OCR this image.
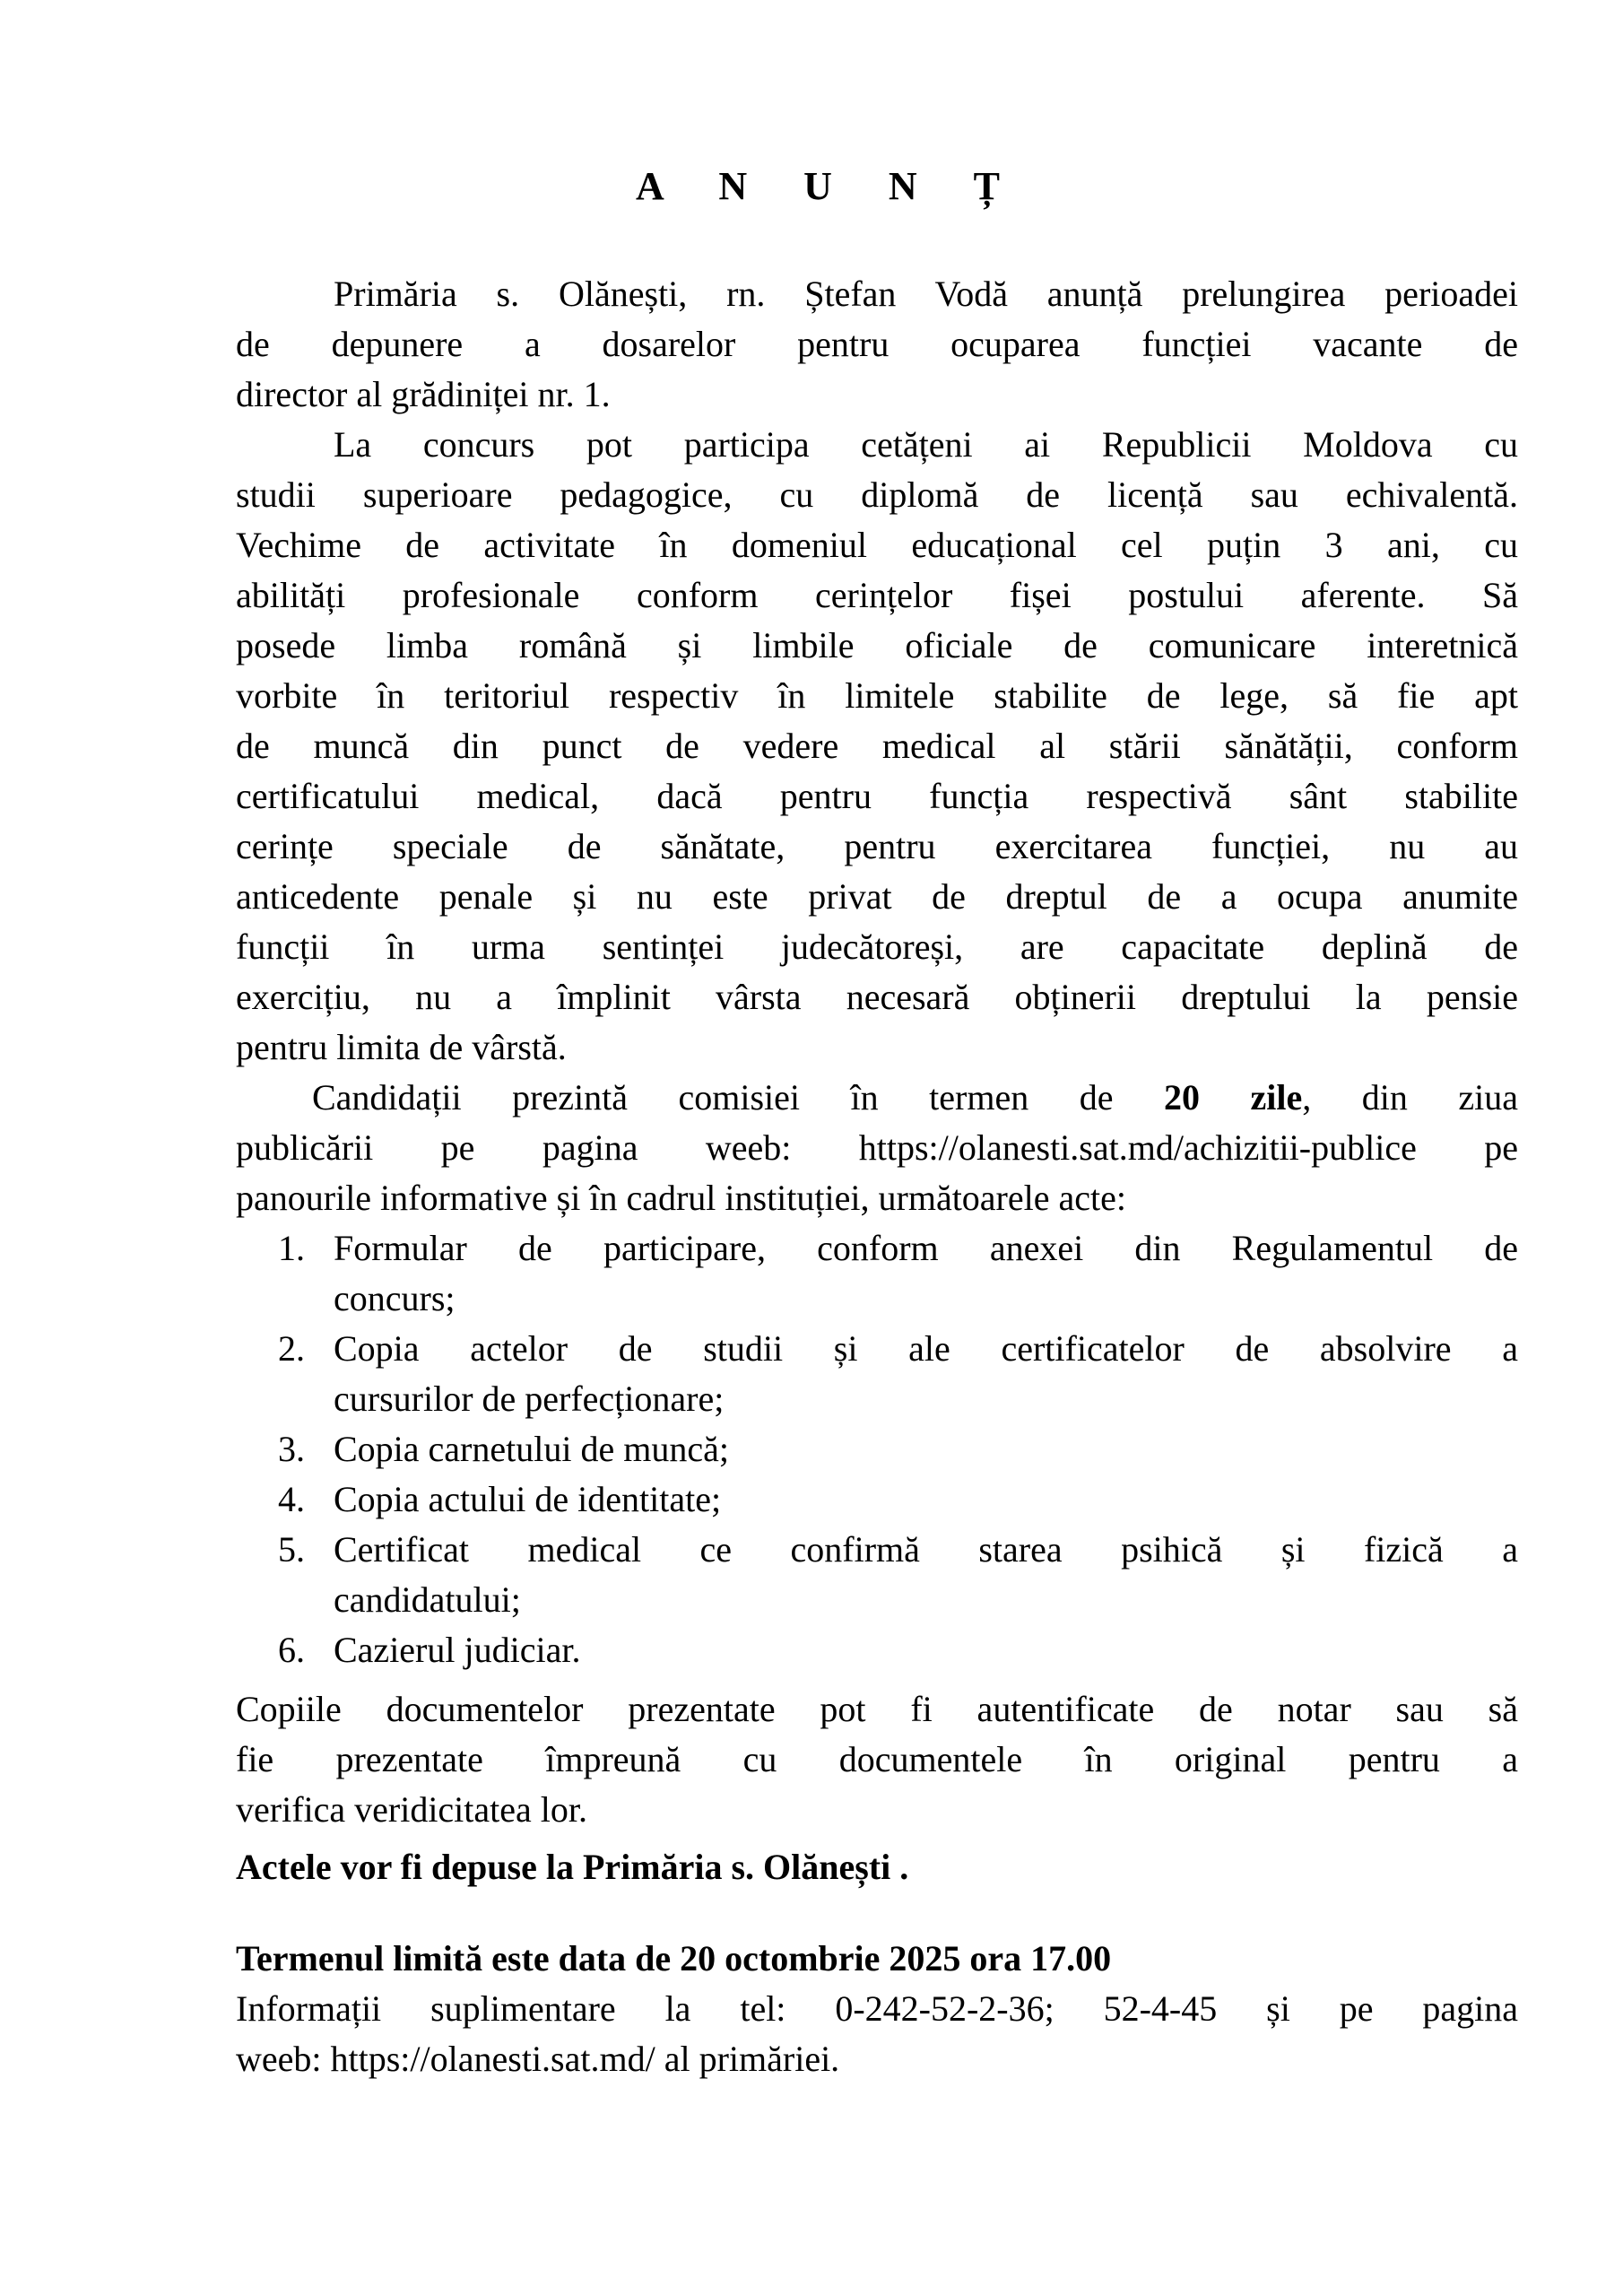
A N U N Ț
Primăria s. Olănești, rn. Ștefan Vodă anunță prelungirea perioadei
de depunere a dosarelor pentru ocuparea funcției vacante de
director al grădiniței nr. 1.
La concurs pot participa cetățeni ai Republicii Moldova cu
studii superioare pedagogice, cu diplomă de licență sau echivalentă.
Vechime de activitate în domeniul educațional cel puțin 3 ani, cu
abilități profesionale conform cerințelor fișei postului aferente. Să
posede limba română și limbile oficiale de comunicare interetnică
vorbite în teritoriul respectiv în limitele stabilite de lege, să fie apt
de muncă din punct de vedere medical al stării sănătății, conform
certificatului medical, dacă pentru funcția respectivă sânt stabilite
cerințe speciale de sănătate, pentru exercitarea funcției, nu au
anticedente penale și nu este privat de dreptul de a ocupa anumite
funcții în urma sentinței judecătoreși, are capacitate deplină de
exercițiu, nu a împlinit vârsta necesară obținerii dreptului la pensie
pentru limita de vârstă.
Candidații prezintă comisiei în termen de 20 zile, din ziua
publicării pe pagina weeb: https://olanesti.sat.md/achizitii-publice pe
panourile informative și în cadrul instituției, următoarele acte:
1. Formular de participare, conform anexei din Regulamentul de
concurs;
2. Copia actelor de studii și ale certificatelor de absolvire a
cursurilor de perfecționare;
3. Copia carnetului de muncă;
4. Copia actului de identitate;
5. Certificat medical ce confirmă starea psihică și fizică a
candidatului;
6. Cazierul judiciar.
Copiile documentelor prezentate pot fi autentificate de notar sau să
fie prezentate împreună cu documentele în original pentru a
verifica veridicitatea lor.
Actele vor fi depuse la Primăria s. Olănești .
Termenul limită este data de 20 octombrie 2025 ora 17.00
Informații suplimentare la tel: 0-242-52-2-36; 52-4-45 și pe pagina
weeb: https://olanesti.sat.md/ al primăriei.
